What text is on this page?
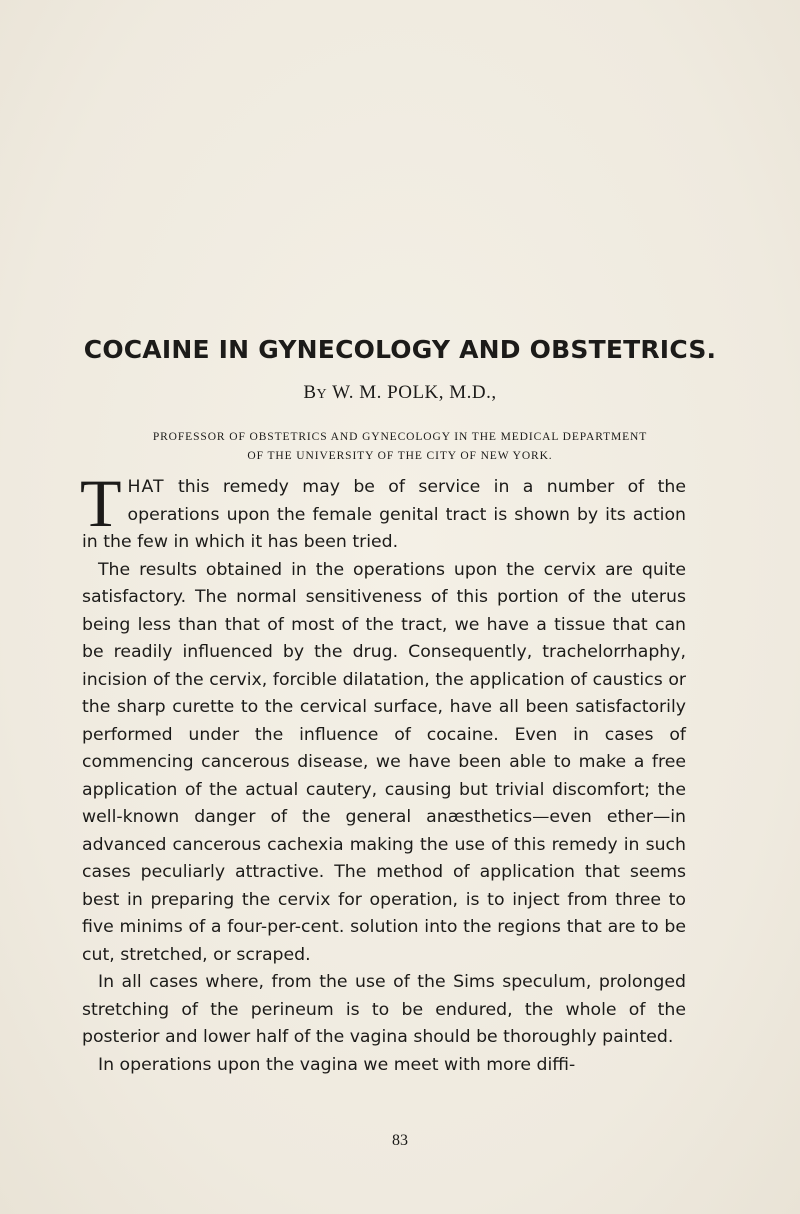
COCAINE IN GYNECOLOGY AND OBSTETRICS.
BY W. M. POLK, M.D.,
PROFESSOR OF OBSTETRICS AND GYNECOLOGY IN THE MEDICAL DEPARTMENT
OF THE UNIVERSITY OF THE CITY OF NEW YORK.

THAT this remedy may be of service in a number of the operations upon the female genital tract is shown by its action in the few in which it has been tried.

The results obtained in the operations upon the cervix are quite satisfactory. The normal sensitiveness of this portion of the uterus being less than that of most of the tract, we have a tissue that can be readily influenced by the drug. Consequently, trachelorrhaphy, incision of the cervix, forcible dilatation, the application of caustics or the sharp curette to the cervical surface, have all been satisfactorily performed under the influence of cocaine. Even in cases of commencing cancerous disease, we have been able to make a free application of the actual cautery, causing but trivial discomfort; the well-known danger of the general anæsthetics—even ether—in advanced cancerous cachexia making the use of this remedy in such cases peculiarly attractive. The method of application that seems best in preparing the cervix for operation, is to inject from three to five minims of a four-per-cent. solution into the regions that are to be cut, stretched, or scraped.

In all cases where, from the use of the Sims speculum, prolonged stretching of the perineum is to be endured, the whole of the posterior and lower half of the vagina should be thoroughly painted.

In operations upon the vagina we meet with more diffi-

83
